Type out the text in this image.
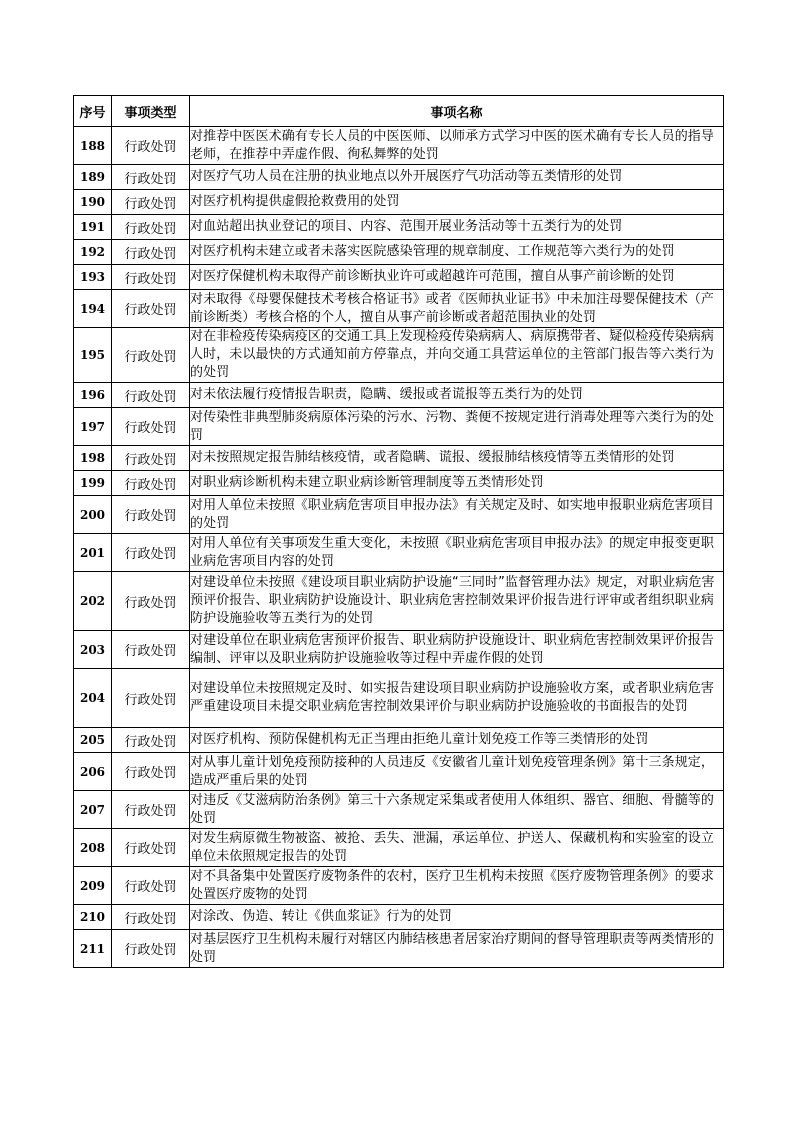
序号	事项类型	事项名称
188	行政处罚	对推荐中医医术确有专长人员的中医医师、以师承方式学习中医的医术确有专长人员的指导老师，在推荐中弄虚作假、徇私舞弊的处罚
189	行政处罚	对医疗气功人员在注册的执业地点以外开展医疗气功活动等五类情形的处罚
190	行政处罚	对医疗机构提供虚假抢救费用的处罚
191	行政处罚	对血站超出执业登记的项目、内容、范围开展业务活动等十五类行为的处罚
192	行政处罚	对医疗机构未建立或者未落实医院感染管理的规章制度、工作规范等六类行为的处罚
193	行政处罚	对医疗保健机构未取得产前诊断执业许可或超越许可范围，擅自从事产前诊断的处罚
194	行政处罚	对未取得《母婴保健技术考核合格证书》或者《医师执业证书》中未加注母婴保健技术（产前诊断类）考核合格的个人，擅自从事产前诊断或者超范围执业的处罚
195	行政处罚	对在非检疫传染病疫区的交通工具上发现检疫传染病病人、病原携带者、疑似检疫传染病病人时，未以最快的方式通知前方停靠点，并向交通工具营运单位的主管部门报告等六类行为的处罚
196	行政处罚	对未依法履行疫情报告职责，隐瞒、缓报或者谎报等五类行为的处罚
197	行政处罚	对传染性非典型肺炎病原体污染的污水、污物、粪便不按规定进行消毒处理等六类行为的处罚
198	行政处罚	对未按照规定报告肺结核疫情，或者隐瞒、谎报、缓报肺结核疫情等五类情形的处罚
199	行政处罚	对职业病诊断机构未建立职业病诊断管理制度等五类情形处罚
200	行政处罚	对用人单位未按照《职业病危害项目申报办法》有关规定及时、如实地申报职业病危害项目的处罚
201	行政处罚	对用人单位有关事项发生重大变化，未按照《职业病危害项目申报办法》的规定申报变更职业病危害项目内容的处罚
202	行政处罚	对建设单位未按照《建设项目职业病防护设施“三同时”监督管理办法》规定，对职业病危害预评价报告、职业病防护设施设计、职业病危害控制效果评价报告进行评审或者组织职业病防护设施验收等五类行为的处罚
203	行政处罚	对建设单位在职业病危害预评价报告、职业病防护设施设计、职业病危害控制效果评价报告编制、评审以及职业病防护设施验收等过程中弄虚作假的处罚
204	行政处罚	对建设单位未按照规定及时、如实报告建设项目职业病防护设施验收方案，或者职业病危害严重建设项目未提交职业病危害控制效果评价与职业病防护设施验收的书面报告的处罚
205	行政处罚	对医疗机构、预防保健机构无正当理由拒绝儿童计划免疫工作等三类情形的处罚
206	行政处罚	对从事儿童计划免疫预防接种的人员违反《安徽省儿童计划免疫管理条例》第十三条规定，造成严重后果的处罚
207	行政处罚	对违反《艾滋病防治条例》第三十六条规定采集或者使用人体组织、器官、细胞、骨髓等的处罚
208	行政处罚	对发生病原微生物被盗、被抢、丢失、泄漏，承运单位、护送人、保藏机构和实验室的设立单位未依照规定报告的处罚
209	行政处罚	对不具备集中处置医疗废物条件的农村，医疗卫生机构未按照《医疗废物管理条例》的要求处置医疗废物的处罚
210	行政处罚	对涂改、伪造、转让《供血浆证》行为的处罚
211	行政处罚	对基层医疗卫生机构未履行对辖区内肺结核患者居家治疗期间的督导管理职责等两类情形的处罚
